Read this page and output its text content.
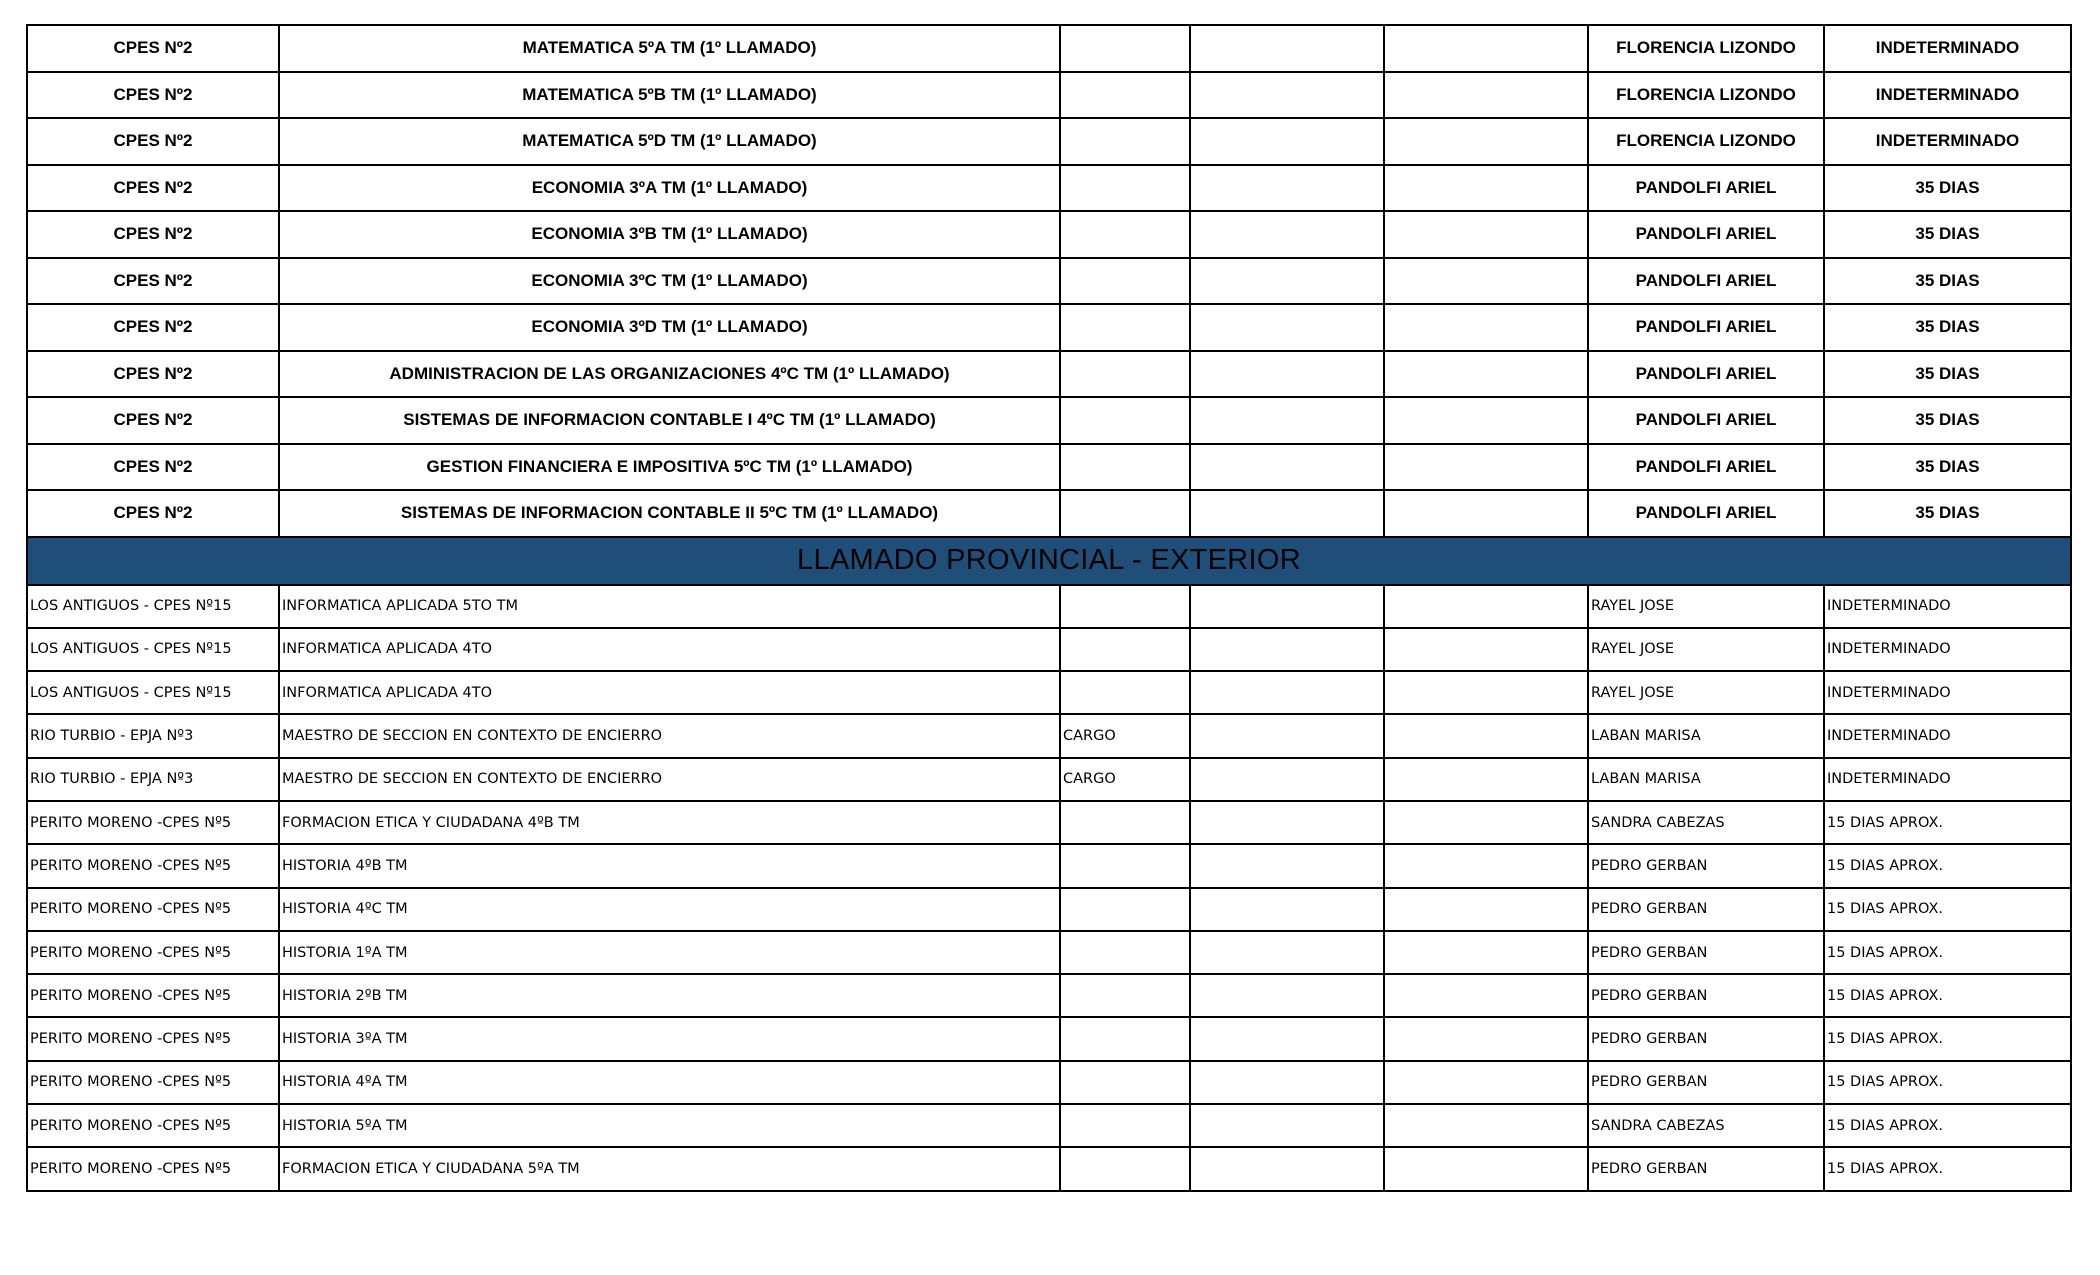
CPES Nº2	MATEMATICA 5ºA TM (1º LLAMADO)				FLORENCIA LIZONDO	INDETERMINADO
CPES Nº2	MATEMATICA 5ºB TM (1º LLAMADO)				FLORENCIA LIZONDO	INDETERMINADO
CPES Nº2	MATEMATICA 5ºD TM (1º LLAMADO)				FLORENCIA LIZONDO	INDETERMINADO
CPES Nº2	ECONOMIA 3ºA TM (1º LLAMADO)				PANDOLFI ARIEL	35 DIAS
CPES Nº2	ECONOMIA 3ºB TM (1º LLAMADO)				PANDOLFI ARIEL	35 DIAS
CPES Nº2	ECONOMIA 3ºC TM (1º LLAMADO)				PANDOLFI ARIEL	35 DIAS
CPES Nº2	ECONOMIA 3ºD TM (1º LLAMADO)				PANDOLFI ARIEL	35 DIAS
CPES Nº2	ADMINISTRACION DE LAS ORGANIZACIONES 4ºC TM (1º LLAMADO)				PANDOLFI ARIEL	35 DIAS
CPES Nº2	SISTEMAS DE INFORMACION CONTABLE I 4ºC TM (1º LLAMADO)				PANDOLFI ARIEL	35 DIAS
CPES Nº2	GESTION FINANCIERA E IMPOSITIVA 5ºC TM (1º LLAMADO)				PANDOLFI ARIEL	35 DIAS
CPES Nº2	SISTEMAS DE INFORMACION CONTABLE II 5ºC TM (1º LLAMADO)				PANDOLFI ARIEL	35 DIAS
LLAMADO PROVINCIAL - EXTERIOR						
LOS ANTIGUOS - CPES Nº15	INFORMATICA APLICADA 5TO TM				RAYEL JOSE	INDETERMINADO
LOS ANTIGUOS - CPES Nº15	INFORMATICA APLICADA 4TO				RAYEL JOSE	INDETERMINADO
LOS ANTIGUOS - CPES Nº15	INFORMATICA APLICADA 4TO				RAYEL JOSE	INDETERMINADO
RIO TURBIO - EPJA Nº3	MAESTRO DE SECCION EN CONTEXTO DE ENCIERRO	CARGO			LABAN MARISA	INDETERMINADO
RIO TURBIO - EPJA Nº3	MAESTRO DE SECCION EN CONTEXTO DE ENCIERRO	CARGO			LABAN MARISA	INDETERMINADO
PERITO MORENO -CPES Nº5	FORMACION ETICA Y CIUDADANA 4ºB TM				SANDRA CABEZAS	15 DIAS APROX.
PERITO MORENO -CPES Nº5	HISTORIA 4ºB TM				PEDRO GERBAN	15 DIAS APROX.
PERITO MORENO -CPES Nº5	HISTORIA 4ºC TM				PEDRO GERBAN	15 DIAS APROX.
PERITO MORENO -CPES Nº5	HISTORIA 1ºA TM				PEDRO GERBAN	15 DIAS APROX.
PERITO MORENO -CPES Nº5	HISTORIA 2ºB TM				PEDRO GERBAN	15 DIAS APROX.
PERITO MORENO -CPES Nº5	HISTORIA 3ºA TM				PEDRO GERBAN	15 DIAS APROX.
PERITO MORENO -CPES Nº5	HISTORIA 4ºA TM				PEDRO GERBAN	15 DIAS APROX.
PERITO MORENO -CPES Nº5	HISTORIA 5ºA TM				SANDRA CABEZAS	15 DIAS APROX.
PERITO MORENO -CPES Nº5	FORMACION ETICA Y CIUDADANA 5ºA TM				PEDRO GERBAN	15 DIAS APROX.
